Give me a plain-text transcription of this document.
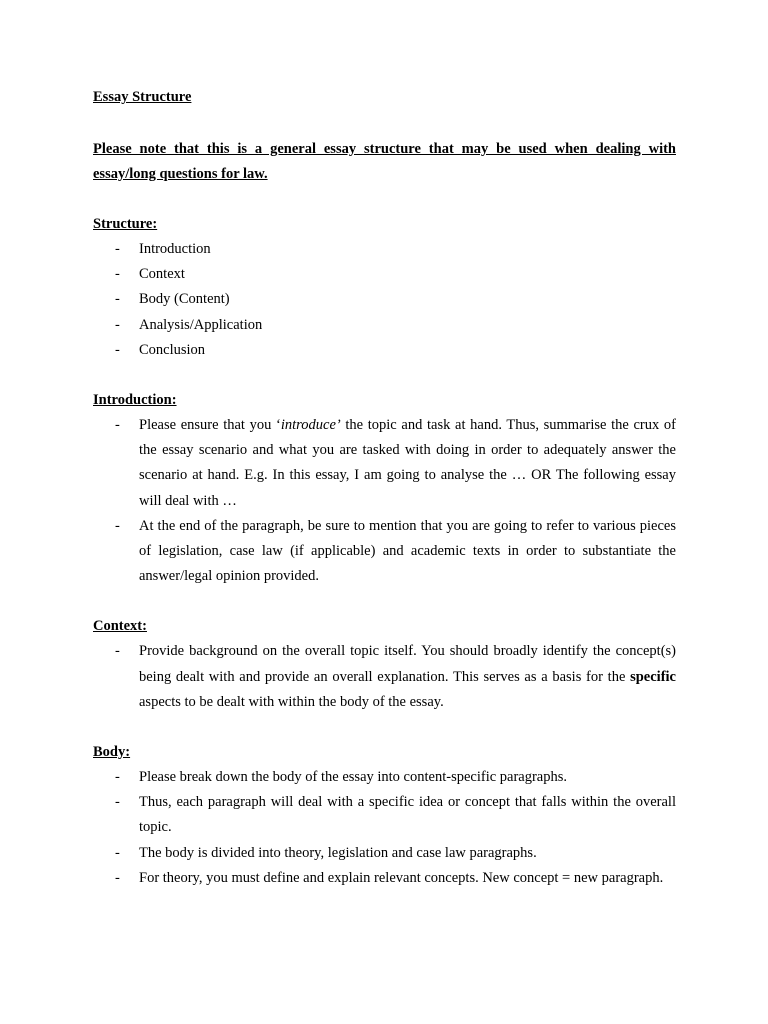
Essay Structure
Please note that this is a general essay structure that may be used when dealing with essay/long questions for law.
Structure:
- Introduction
- Context
- Body (Content)
- Analysis/Application
- Conclusion
Introduction:
- Please ensure that you ‘introduce’ the topic and task at hand. Thus, summarise the crux of the essay scenario and what you are tasked with doing in order to adequately answer the scenario at hand. E.g. In this essay, I am going to analyse the … OR The following essay will deal with …
- At the end of the paragraph, be sure to mention that you are going to refer to various pieces of legislation, case law (if applicable) and academic texts in order to substantiate the answer/legal opinion provided.
Context:
- Provide background on the overall topic itself. You should broadly identify the concept(s) being dealt with and provide an overall explanation. This serves as a basis for the specific aspects to be dealt with within the body of the essay.
Body:
- Please break down the body of the essay into content-specific paragraphs.
- Thus, each paragraph will deal with a specific idea or concept that falls within the overall topic.
- The body is divided into theory, legislation and case law paragraphs.
- For theory, you must define and explain relevant concepts. New concept = new paragraph.
